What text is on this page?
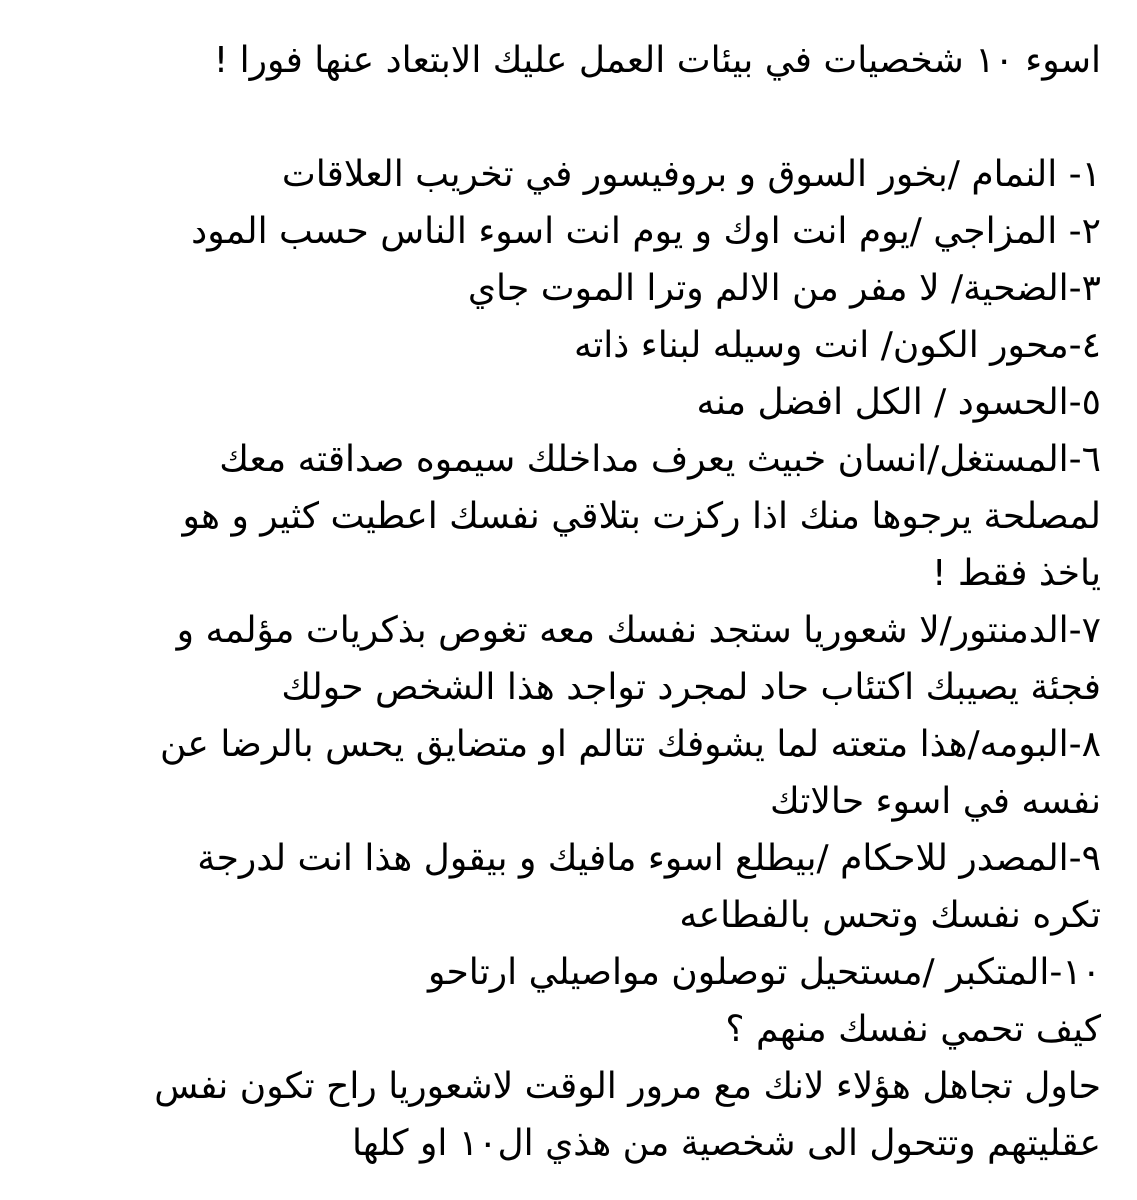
اسوء ١٠ شخصيات في بيئات العمل عليك الابتعاد عنها فورا !

١- النمام /بخور السوق و بروفيسور في تخريب العلاقات

٢- المزاجي /يوم انت اوك و يوم انت اسوء الناس حسب المود

٣-الضحية/ لا مفر من الالم وترا الموت جاي

٤-محور الكون/ انت وسيله لبناء ذاته

٥-الحسود / الكل افضل منه

٦-المستغل/انسان خبيث يعرف مداخلك سيموه صداقته معك

لمصلحة يرجوها منك اذا ركزت بتلاقي نفسك اعطيت كثير و هو

ياخذ فقط !

٧-الدمنتور/لا شعوريا ستجد نفسك معه تغوص بذكريات مؤلمه و

فجئة يصيبك اكتئاب حاد لمجرد تواجد هذا الشخص حولك

٨-البومه/هذا متعته لما يشوفك تتالم او متضايق يحس بالرضا عن

نفسه في اسوء حالاتك

٩-المصدر للاحكام /بيطلع اسوء مافيك و بيقول هذا انت لدرجة

تكره نفسك وتحس بالفطاعه

١٠-المتكبر /مستحيل توصلون مواصيلي ارتاحو

كيف تحمي نفسك منهم ؟

حاول تجاهل هؤلاء لانك مع مرور الوقت لاشعوريا راح تكون نفس

عقليتهم وتتحول الى شخصية من هذي ال١٠ او كلها
